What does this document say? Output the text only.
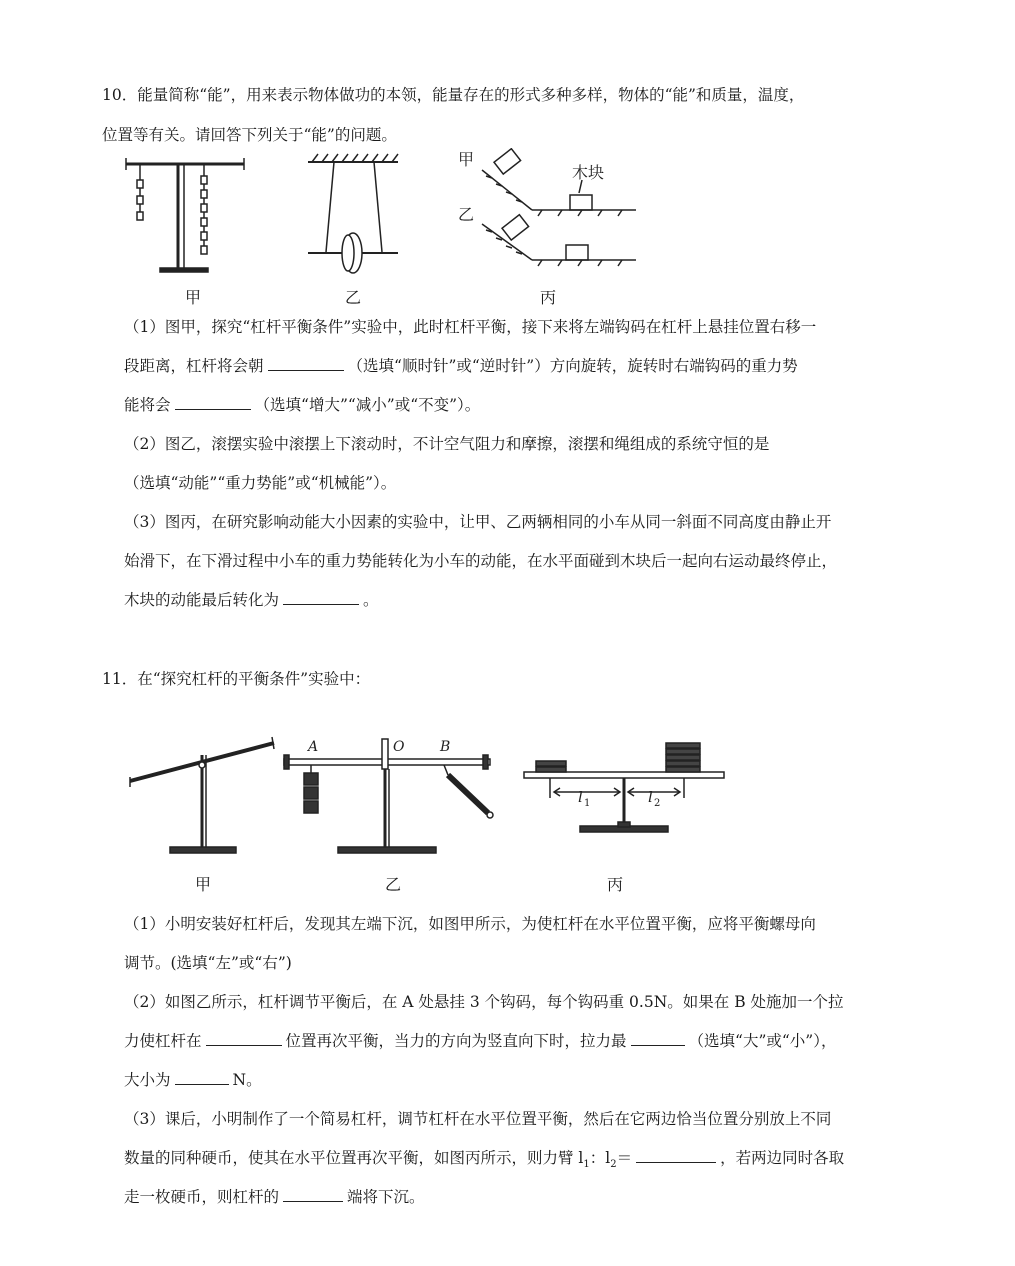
10．能量简称“能”，用来表示物体做功的本领，能量存在的形式多种多样，物体的“能”和质量，温度，
位置等有关。请回答下列关于“能”的问题。
甲
木块
乙
甲	乙	丙
（1）图甲，探究“杠杆平衡条件”实验中，此时杠杆平衡，接下来将左端钩码在杠杆上悬挂位置右移一
段距离，杠杆将会朝	（选填“顺时针”或“逆时针”）方向旋转，旋转时右端钩码的重力势
能将会	（选填“增大”“减小”或“不变”）。
（2）图乙，滚摆实验中滚摆上下滚动时，不计空气阻力和摩擦，滚摆和绳组成的系统守恒的是
（选填“动能”“重力势能”或“机械能”）。
（3）图丙，在研究影响动能大小因素的实验中，让甲、乙两辆相同的小车从同一斜面不同高度由静止开
始滑下，在下滑过程中小车的重力势能转化为小车的动能，在水平面碰到木块后一起向右运动最终停止，
木块的动能最后转化为	。
11．在“探究杠杆的平衡条件”实验中：
A	O	B
l 1	l 2
甲	乙	丙
（1）小明安装好杠杆后，发现其左端下沉，如图甲所示，为使杠杆在水平位置平衡，应将平衡螺母向
调节。(选填“左”或“右”)
（2）如图乙所示，杠杆调节平衡后，在 A 处悬挂 3 个钩码，每个钩码重 0.5N。如果在 B 处施加一个拉
力使杠杆在	位置再次平衡，当力的方向为竖直向下时，拉力最	（选填“大”或“小”），
大小为	N。
（3）课后，小明制作了一个简易杠杆，调节杠杆在水平位置平衡，然后在它两边恰当位置分别放上不同
数量的同种硬币，使其在水平位置再次平衡，如图丙所示，则力臂 $l_1$：$l_2=$	，若两边同时各取
走一枚硬币，则杠杆的	端将下沉。
